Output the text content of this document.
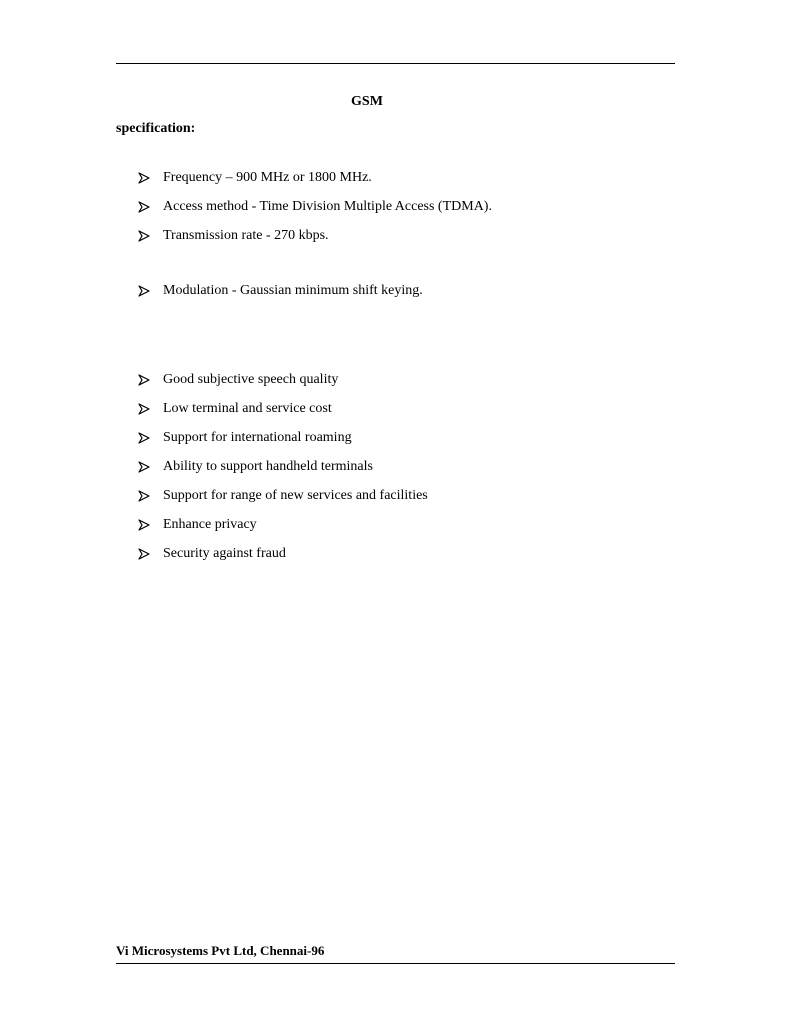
GSM
specification:
Frequency – 900 MHz or 1800 MHz.
Access method - Time Division Multiple Access (TDMA).
Transmission rate - 270 kbps.
Modulation - Gaussian minimum shift keying.
Good subjective speech quality
Low terminal and service cost
Support for international roaming
Ability to support handheld terminals
Support for range of new services and facilities
Enhance privacy
Security against fraud
Vi Microsystems Pvt Ltd, Chennai-96
